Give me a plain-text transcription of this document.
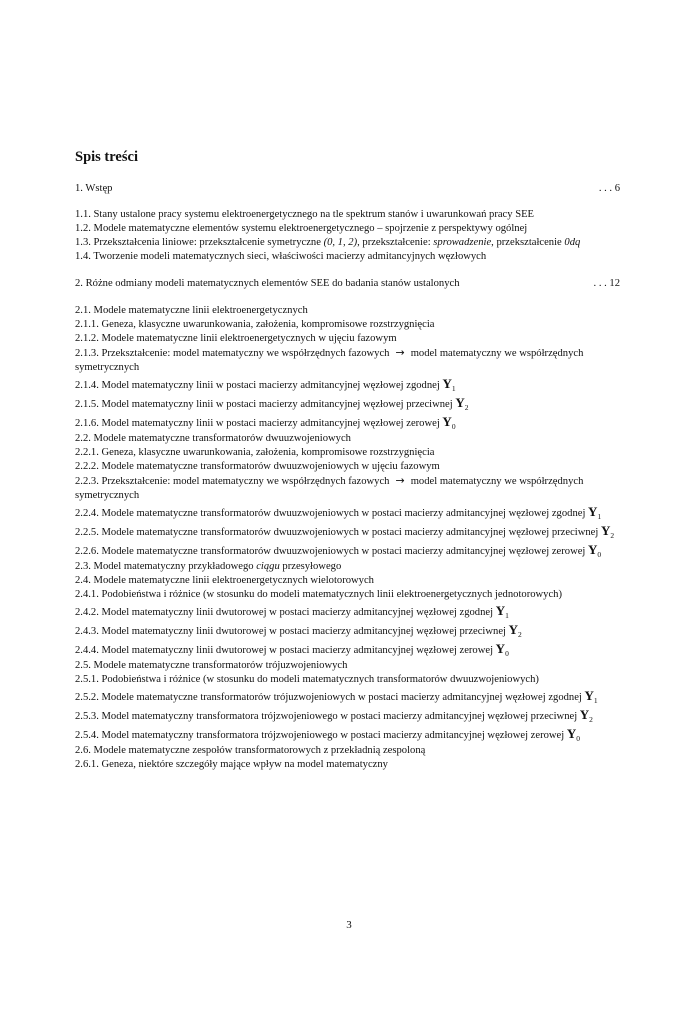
Spis treści
1. Wstęp	. . . 6
1.1. Stany ustalone pracy systemu elektroenergetycznego na tle spektrum stanów i uwarunkowań pracy SEE
1.2. Modele matematyczne elementów systemu elektroenergetycznego – spojrzenie z perspektywy ogólnej
1.3. Przekształcenia liniowe: przekształcenie symetryczne (0, 1, 2), przekształcenie: sprowadzenie, przekształcenie 0dq
1.4. Tworzenie modeli matematycznych sieci, właściwości macierzy admitancyjnych węzłowych
2. Różne odmiany modeli matematycznych elementów SEE do badania stanów ustalonych	. . . 12
2.1. Modele matematyczne linii elektroenergetycznych
2.1.1. Geneza, klasyczne uwarunkowania, założenia, kompromisowe rozstrzygnięcia
2.1.2. Modele matematyczne linii elektroenergetycznych w ujęciu fazowym
2.1.3. Przekształcenie: model matematyczny we współrzędnych fazowych → model matematyczny we współrzędnych symetrycznych
2.1.4. Model matematyczny linii w postaci macierzy admitancyjnej węzłowej zgodnej $Y_1$
2.1.5. Model matematyczny linii w postaci macierzy admitancyjnej węzłowej przeciwnej $Y_2$
2.1.6. Model matematyczny linii w postaci macierzy admitancyjnej węzłowej zerowej $Y_0$
2.2. Modele matematyczne transformatorów dwuuzwojeniowych
2.2.1. Geneza, klasyczne uwarunkowania, założenia, kompromisowe rozstrzygnięcia
2.2.2. Modele matematyczne transformatorów dwuuzwojeniowych w ujęciu fazowym
2.2.3. Przekształcenie: model matematyczny we współrzędnych fazowych → model matematyczny we współrzędnych symetrycznych
2.2.4. Modele matematyczne transformatorów dwuuzwojeniowych w postaci macierzy admitancyjnej węzłowej zgodnej $Y_1$
2.2.5. Modele matematyczne transformatorów dwuuzwojeniowych w postaci macierzy admitancyjnej węzłowej przeciwnej $Y_2$
2.2.6. Modele matematyczne transformatorów dwuuzwojeniowych w postaci macierzy admitancyjnej węzłowej zerowej $Y_0$
2.3. Model matematyczny przykładowego ciągu przesyłowego
2.4. Modele matematyczne linii elektroenergetycznych wielotorowych
2.4.1. Podobieństwa i różnice (w stosunku do modeli matematycznych linii elektroenergetycznych jednotorowych)
2.4.2. Model matematyczny linii dwutorowej w postaci macierzy admitancyjnej węzłowej zgodnej $Y_1$
2.4.3. Model matematyczny linii dwutorowej w postaci macierzy admitancyjnej węzłowej przeciwnej $Y_2$
2.4.4. Model matematyczny linii dwutorowej w postaci macierzy admitancyjnej węzłowej zerowej $Y_0$
2.5. Modele matematyczne transformatorów trójuzwojeniowych
2.5.1. Podobieństwa i różnice (w stosunku do modeli matematycznych transformatorów dwuuzwojeniowych)
2.5.2. Modele matematyczne transformatorów trójuzwojeniowych w postaci macierzy admitancyjnej węzłowej zgodnej $Y_1$
2.5.3. Model matematyczny transformatora trójzwojeniowego w postaci macierzy admitancyjnej węzłowej przeciwnej $Y_2$
2.5.4. Model matematyczny transformatora trójzwojeniowego w postaci macierzy admitancyjnej węzłowej zerowej $Y_0$
2.6. Modele matematyczne zespołów transformatorowych z przekładnią zespoloną
2.6.1. Geneza, niektóre szczegóły mające wpływ na model matematyczny
3
